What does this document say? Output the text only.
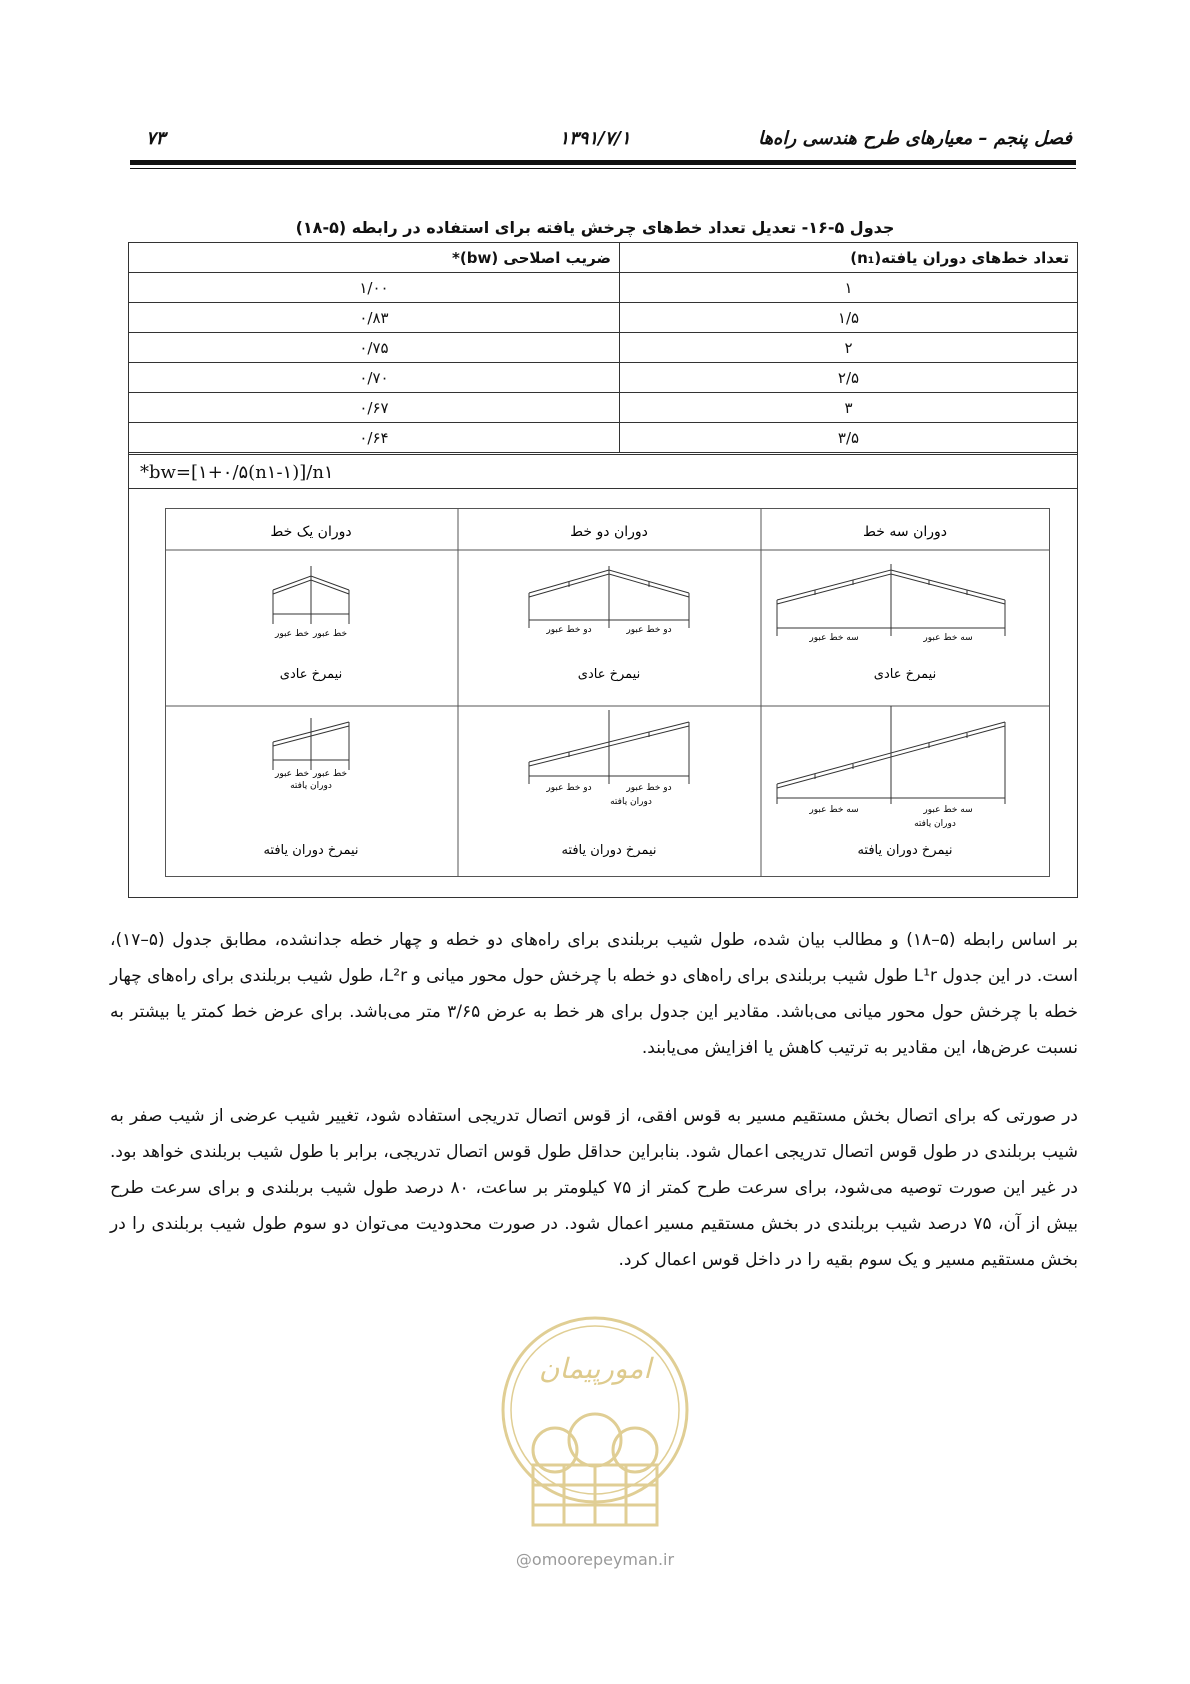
فصل پنجم – معیارهای طرح هندسی راه‌ها
۱۳۹۱/۷/۱
۷۳
جدول ۵-۱۶- تعدیل تعداد خط‌های چرخش یافته برای استفاده در رابطه (۵-۱۸)
تعداد خط‌های دوران یافته(n₁)	ضریب اصلاحی (bw)*
۱	۱/۰۰
۱/۵	۰/۸۳
۲	۰/۷۵
۲/۵	۰/۷۰
۳	۰/۶۷
۳/۵	۰/۶۴
*bw=[۱+۰/۵(n۱-۱)]/n۱
دوران یک خط	دوران دو خط	دوران سه خط
خط عبور خط عبور	دو خط عبور	دو خط عبور
سه خط عبور	سه خط عبور
نیمرخ عادی	نیمرخ عادی	نیمرخ عادی
خط عبور خط عبور
دوران یافته	دو خط عبور	دو خط عبور
دوران یافته
سه خط عبور	سه خط عبور
دوران یافته
نیمرخ دوران یافته	نیمرخ دوران یافته	نیمرخ دوران یافته
بر اساس رابطه (۵–۱۸) و مطالب بیان شده، طول شیب بربلندی برای راه‌های دو خطه و چهار خطه جدانشده، مطابق جدول (۵–۱۷)، است. در این جدول L¹r طول شیب بربلندی برای راه‌های دو خطه با چرخش حول محور میانی و L²r، طول شیب بربلندی برای راه‌های چهار خطه با چرخش حول محور میانی می‌باشد. مقادیر این جدول برای هر خط به عرض ۳/۶۵ متر می‌باشد. برای عرض خط کمتر یا بیشتر به نسبت عرض‌ها، این مقادیر به ترتیب کاهش یا افزایش می‌یابند.
در صورتی که برای اتصال بخش مستقیم مسیر به قوس افقی، از قوس اتصال تدریجی استفاده شود، تغییر شیب عرضی از شیب صفر به شیب بربلندی در طول قوس اتصال تدریجی اعمال شود. بنابراین حداقل طول قوس اتصال تدریجی، برابر با طول شیب بربلندی خواهد بود. در غیر این صورت توصیه می‌شود، برای سرعت طرح کمتر از ۷۵ کیلومتر بر ساعت، ۸۰ درصد طول شیب بربلندی و برای سرعت طرح بیش از آن، ۷۵ درصد شیب بربلندی در بخش مستقیم مسیر اعمال شود. در صورت محدودیت می‌توان دو سوم طول شیب بربلندی را در بخش مستقیم مسیر و یک سوم بقیه را در داخل قوس اعمال کرد.
امورپیمان
@omoorepeyman.ir
